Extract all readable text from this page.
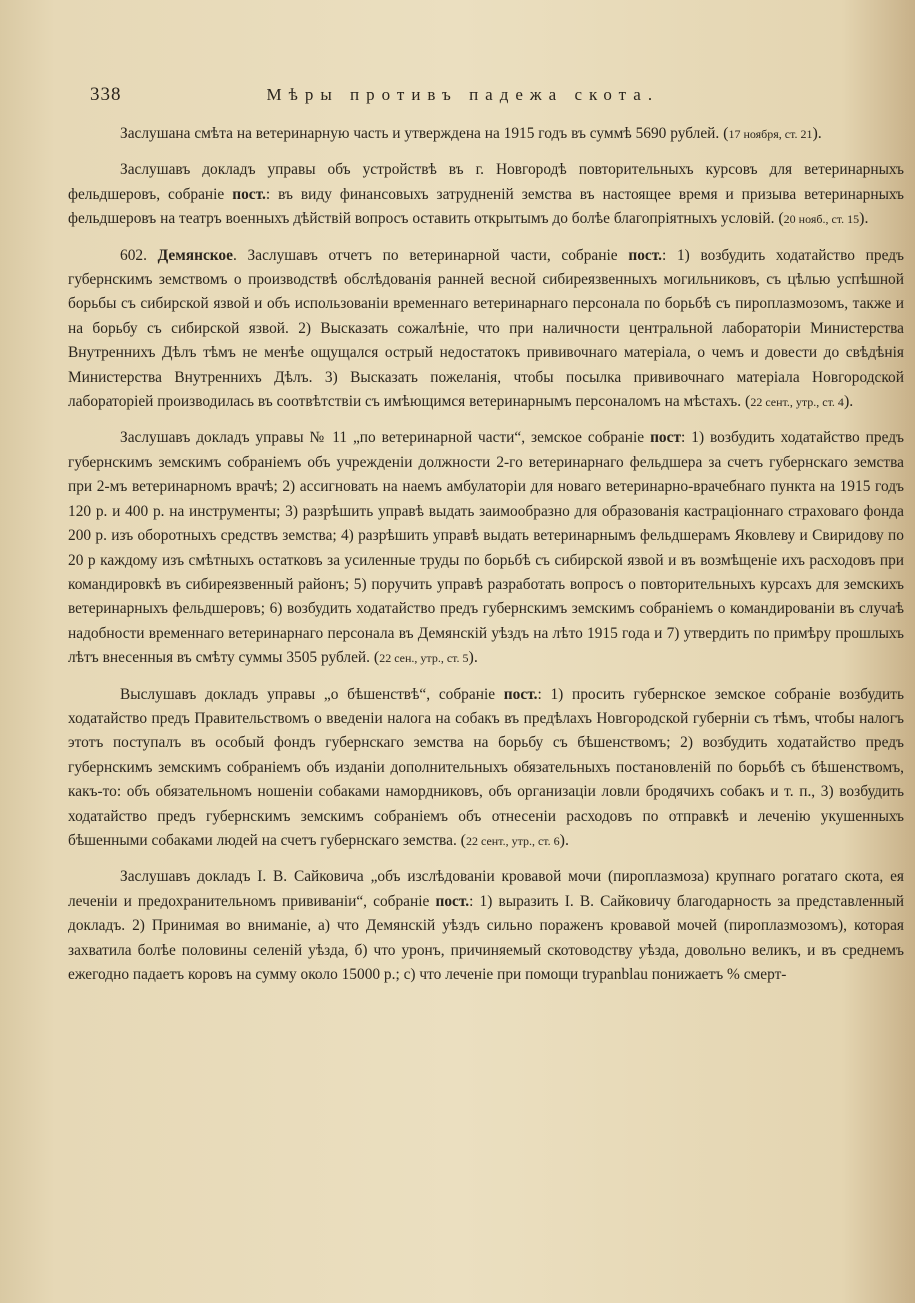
338	Мѣры противъ падежа скота.

Заслушана смѣта на ветеринарную часть и утверждена на 1915 годъ въ суммѣ 5690 рублей. (17 ноября, ст. 21).

Заслушавъ докладъ управы объ устройствѣ въ г. Новгородѣ повторительныхъ курсовъ для ветеринарныхъ фельдшеровъ, собраніе пост.: въ виду финансовыхъ затрудненій земства въ настоящее время и призыва ветеринарныхъ фельдшеровъ на театръ военныхъ дѣйствій вопросъ оставить открытымъ до болѣе благопріятныхъ условій. (20 нояб., ст. 15).

602. Демянское. Заслушавъ отчетъ по ветеринарной части, собраніе пост.: 1) возбудить ходатайство предъ губернскимъ земствомъ о производствѣ обслѣдованія ранней весной сибиреязвенныхъ могильниковъ, съ цѣлью успѣшной борьбы съ сибирской язвой и объ использованіи временнаго ветеринарнаго персонала по борьбѣ съ пироплазмозомъ, также и на борьбу съ сибирской язвой. 2) Высказать сожалѣніе, что при наличности центральной лабораторіи Министерства Внутреннихъ Дѣлъ тѣмъ не менѣе ощущался острый недостатокъ прививочнаго матеріала, о чемъ и довести до свѣдѣнія Министерства Внутреннихъ Дѣлъ. 3) Высказать пожеланія, чтобы посылка прививочнаго матеріала Новгородской лабораторіей производилась въ соотвѣтствіи съ имѣющимся ветеринарнымъ персоналомъ на мѣстахъ. (22 сент., утр., ст. 4).

Заслушавъ докладъ управы № 11 „по ветеринарной части“, земское собраніе пост: 1) возбудить ходатайство предъ губернскимъ земскимъ собраніемъ объ учрежденіи должности 2-го ветеринарнаго фельдшера за счетъ губернскаго земства при 2-мъ ветеринарномъ врачѣ; 2) ассигновать на наемъ амбулаторіи для новаго ветеринарно-врачебнаго пункта на 1915 годъ 120 р. и 400 р. на инструменты; 3) разрѣшить управѣ выдать заимообразно для образованія кастраціоннаго страховаго фонда 200 р. изъ оборотныхъ средствъ земства; 4) разрѣшить управѣ выдать ветеринарнымъ фельдшерамъ Яковлеву и Свиридову по 20 р каждому изъ смѣтныхъ остатковъ за усиленные труды по борьбѣ съ сибирской язвой и въ возмѣщеніе ихъ расходовъ при командировкѣ въ сибиреязвенный районъ; 5) поручить управѣ разработать вопросъ о повторительныхъ курсахъ для земскихъ ветеринарныхъ фельдшеровъ; 6) возбудить ходатайство предъ губернскимъ земскимъ собраніемъ о командированіи въ случаѣ надобности временнаго ветеринарнаго персонала въ Демянскій уѣздъ на лѣто 1915 года и 7) утвердить по примѣру прошлыхъ лѣтъ внесенныя въ смѣту суммы 3505 рублей. (22 сен., утр., ст. 5).

Выслушавъ докладъ управы „о бѣшенствѣ“, собраніе пост.: 1) просить губернское земское собраніе возбудить ходатайство предъ Правительствомъ о введеніи налога на собакъ въ предѣлахъ Новгородской губерніи съ тѣмъ, чтобы налогъ этотъ поступалъ въ особый фондъ губернскаго земства на борьбу съ бѣшенствомъ; 2) возбудить ходатайство предъ губернскимъ земскимъ собраніемъ объ изданіи дополнительныхъ обязательныхъ постановленій по борьбѣ съ бѣшенствомъ, какъ-то: объ обязательномъ ношеніи собаками намордниковъ, объ организаціи ловли бродячихъ собакъ и т. п., 3) возбудить ходатайство предъ губернскимъ земскимъ собраніемъ объ отнесеніи расходовъ по отправкѣ и леченію укушенныхъ бѣшенными собаками людей на счетъ губернскаго земства. (22 сент., утр., ст. 6).

Заслушавъ докладъ І. В. Сайковича „объ изслѣдованіи кровавой мочи (пироплазмоза) крупнаго рогатаго скота, ея леченіи и предохранительномъ прививаніи“, собраніе пост.: 1) выразить І. В. Сайковичу благодарность за представленный докладъ. 2) Принимая во вниманіе, а) что Демянскій уѣздъ сильно пораженъ кровавой мочей (пироплазмозомъ), которая захватила болѣе половины селеній уѣзда, б) что уронъ, причиняемый скотоводству уѣзда, довольно великъ, и въ среднемъ ежегодно падаетъ коровъ на сумму около 15000 р.; с) что леченіе при помощи trypanblau понижаетъ % смерт-
